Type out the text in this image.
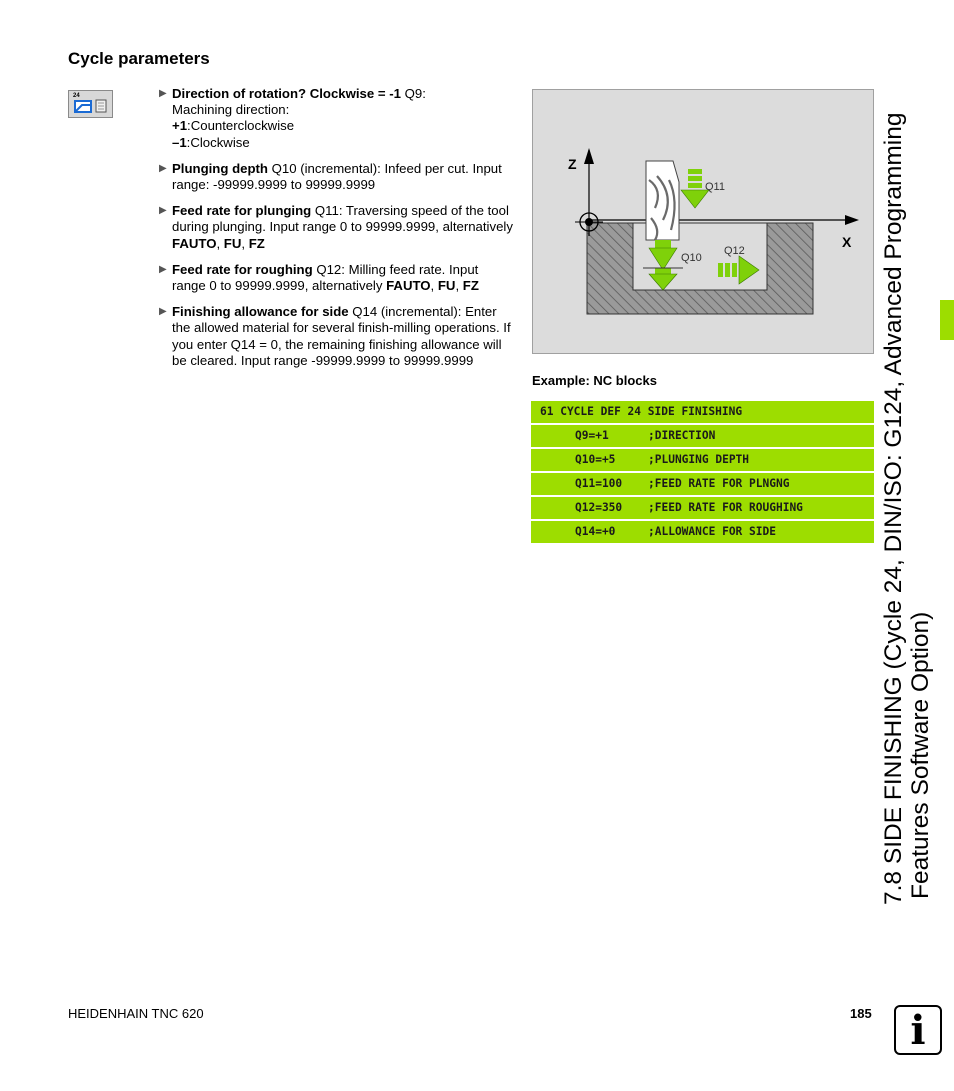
Cycle parameters
24	▶ Direction of rotation? Clockwise = -1 Q9:
Machining direction:
+1:Counterclockwise
–1:Clockwise
▶ Plunging depth Q10 (incremental): Infeed per cut. Input range: -99999.9999 to 99999.9999
▶ Feed rate for plunging Q11: Traversing speed of the tool during plunging. Input range 0 to 99999.9999, alternatively FAUTO, FU, FZ
▶ Feed rate for roughing Q12: Milling feed rate. Input range 0 to 99999.9999, alternatively FAUTO, FU, FZ
▶ Finishing allowance for side Q14 (incremental): Enter the allowed material for several finish-milling operations. If you enter Q14 = 0, the remaining finishing allowance will be cleared. Input range -99999.9999 to 99999.9999
Z
X
Q11
Q10
Q12
Example: NC blocks
61 CYCLE DEF 24 SIDE FINISHING
Q9=+1	;DIRECTION
Q10=+5	;PLUNGING DEPTH
Q11=100 ;FEED RATE FOR PLNGNG
Q12=350 ;FEED RATE FOR ROUGHING
Q14=+0	;ALLOWANCE FOR SIDE	7.8 SIDE FINISHING (Cycle 24, DIN/ISO: G124, Advanced Programming Features Software Option)
HEIDENHAIN TNC 620	185 i
